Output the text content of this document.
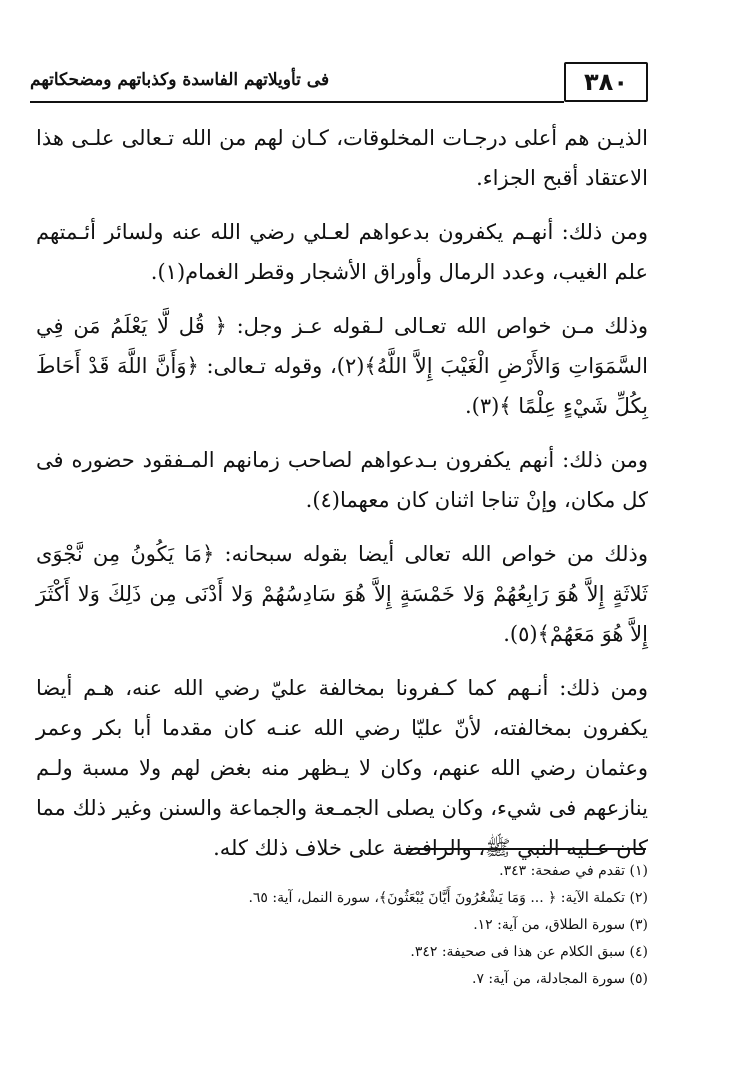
٣٨٠
فى تأويلاتهم الفاسدة وكذباتهم ومضحكاتهم

الذيـن هم أعلى درجـات المخلوقات، كـان لهم من الله تـعالى علـى هذا الاعتقاد أقبح الجزاء.

ومن ذلك: أنهـم يكفرون بدعواهم لعـلي رضي الله عنه ولسائر أئـمتهم علم الغيب، وعدد الرمال وأوراق الأشجار وقطر الغمام(١).

وذلك مـن خواص الله تعـالى لـقوله عـز وجل: ﴿ قُل لَّا يَعْلَمُ مَن فِي السَّمَوَاتِ وَالأَرْضِ الْغَيْبَ إِلاَّ اللَّهُ﴾(٢)، وقوله تـعالى: ﴿وَأَنَّ اللَّهَ قَدْ أَحَاطَ بِكُلِّ شَيْءٍ عِلْمًا ﴾(٣).

ومن ذلك: أنهم يكفرون بـدعواهم لصاحب زمانهم المـفقود حضوره فى كل مكان، وإنْ تناجا اثنان كان معهما(٤).

وذلك من خواص الله تعالى أيضا بقوله سبحانه: ﴿مَا يَكُونُ مِن نَّجْوَى ثَلاثَةٍ إِلاَّ هُوَ رَابِعُهُمْ وَلا خَمْسَةٍ إِلاَّ هُوَ سَادِسُهُمْ وَلا أَدْنَى مِن ذَلِكَ وَلا أَكْثَرَ إِلاَّ هُوَ مَعَهُمْ﴾(٥).

ومن ذلك: أنـهم كما كـفرونا بمخالفة عليّ رضي الله عنه، هـم أيضا يكفرون بمخالفته، لأنّ عليّا رضي الله عنـه كان مقدما أبا بكر وعمر وعثمان رضي الله عنهم، وكان لا يـظهر منه بغض لهم ولا مسبة ولـم ينازعهم فى شيء، وكان يصلى الجمـعة والجماعة والسنن وغير ذلك مما كان عـليه النبي ﷺ، والرافضة على خلاف ذلك كله.

(١) تقدم في صفحة: ٣٤٣.

(٢) تكملة الآية: ﴿ ... وَمَا يَشْعُرُونَ أَيَّانَ يُبْعَثُونَ﴾، سورة النمل، آية: ٦٥.

(٣) سورة الطلاق، من آية: ١٢.

(٤) سبق الكلام عن هذا فى صحيفة: ٣٤٢.

(٥) سورة المجادلة، من آية: ٧.
